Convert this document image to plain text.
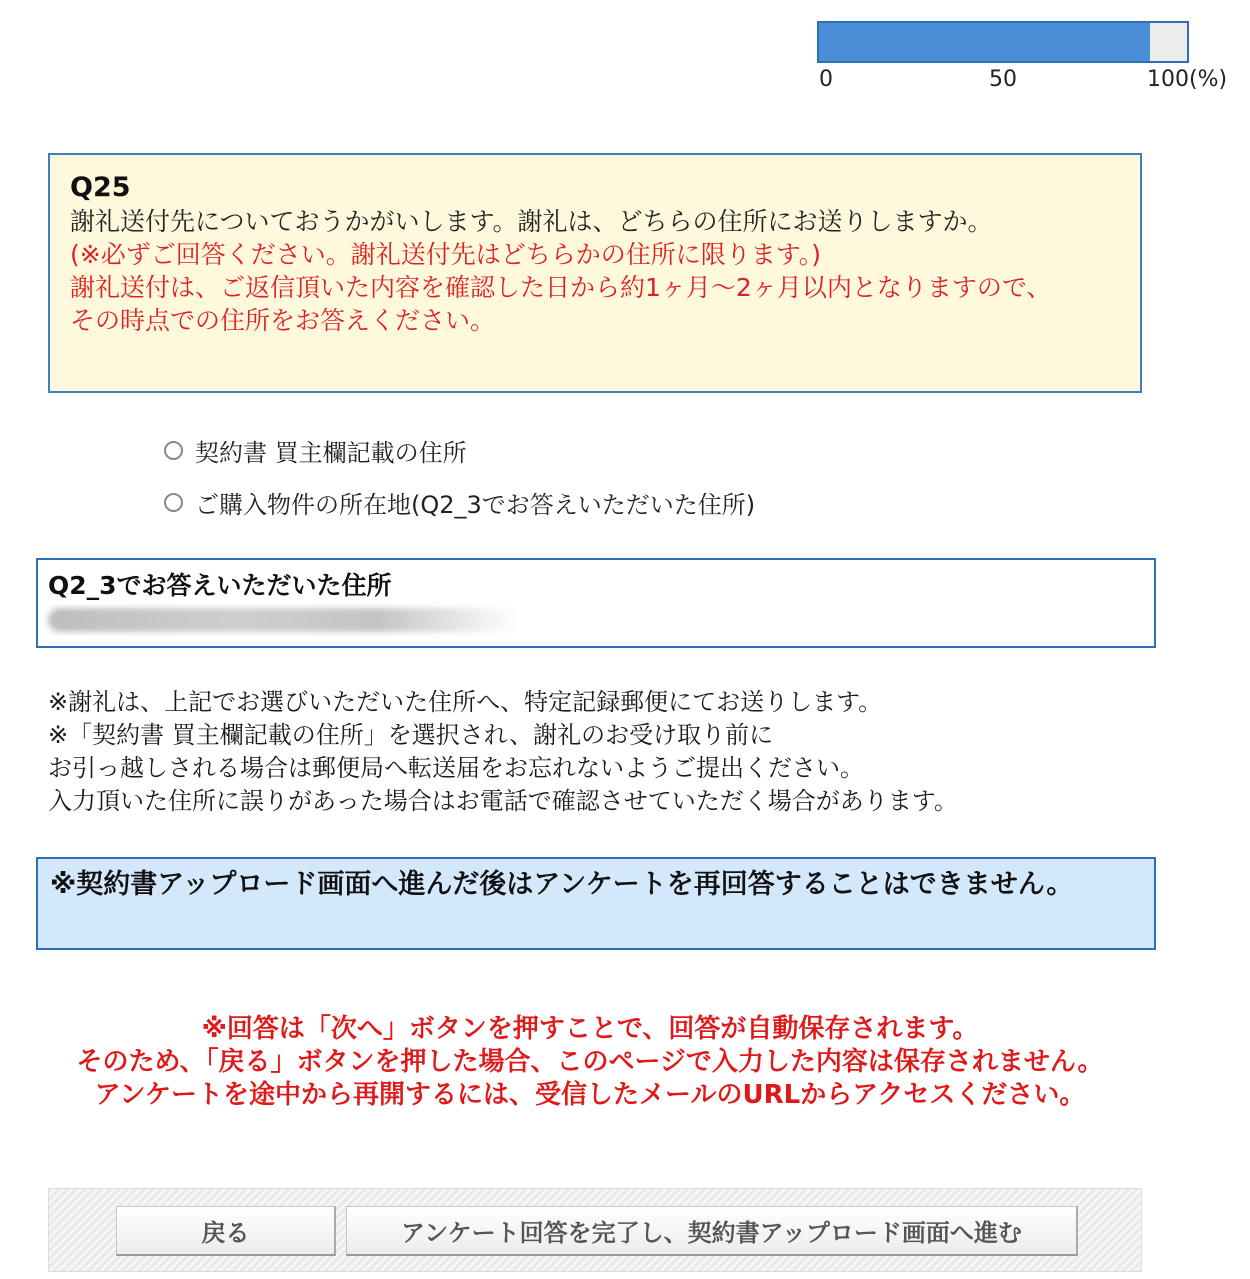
0	50	100(%)
Q25
謝礼送付先についておうかがいします。謝礼は、どちらの住所にお送りしますか。
(※必ずご回答ください。謝礼送付先はどちらかの住所に限ります。)
謝礼送付は、ご返信頂いた内容を確認した日から約1ヶ月〜2ヶ月以内となりますので、
その時点での住所をお答えください。
契約書 買主欄記載の住所
ご購入物件の所在地(Q2_3でお答えいただいた住所)
Q2_3でお答えいただいた住所
※謝礼は、上記でお選びいただいた住所へ、特定記録郵便にてお送りします。
※「契約書 買主欄記載の住所」を選択され、謝礼のお受け取り前に
お引っ越しされる場合は郵便局へ転送届をお忘れないようご提出ください。
入力頂いた住所に誤りがあった場合はお電話で確認させていただく場合があります。
※契約書アップロード画面へ進んだ後はアンケートを再回答することはできません。
※回答は「次へ」ボタンを押すことで、回答が自動保存されます。
そのため、「戻る」ボタンを押した場合、このページで入力した内容は保存されません。
アンケートを途中から再開するには、受信したメールのURLからアクセスください。
戻る	アンケート回答を完了し、契約書アップロード画面へ進む
